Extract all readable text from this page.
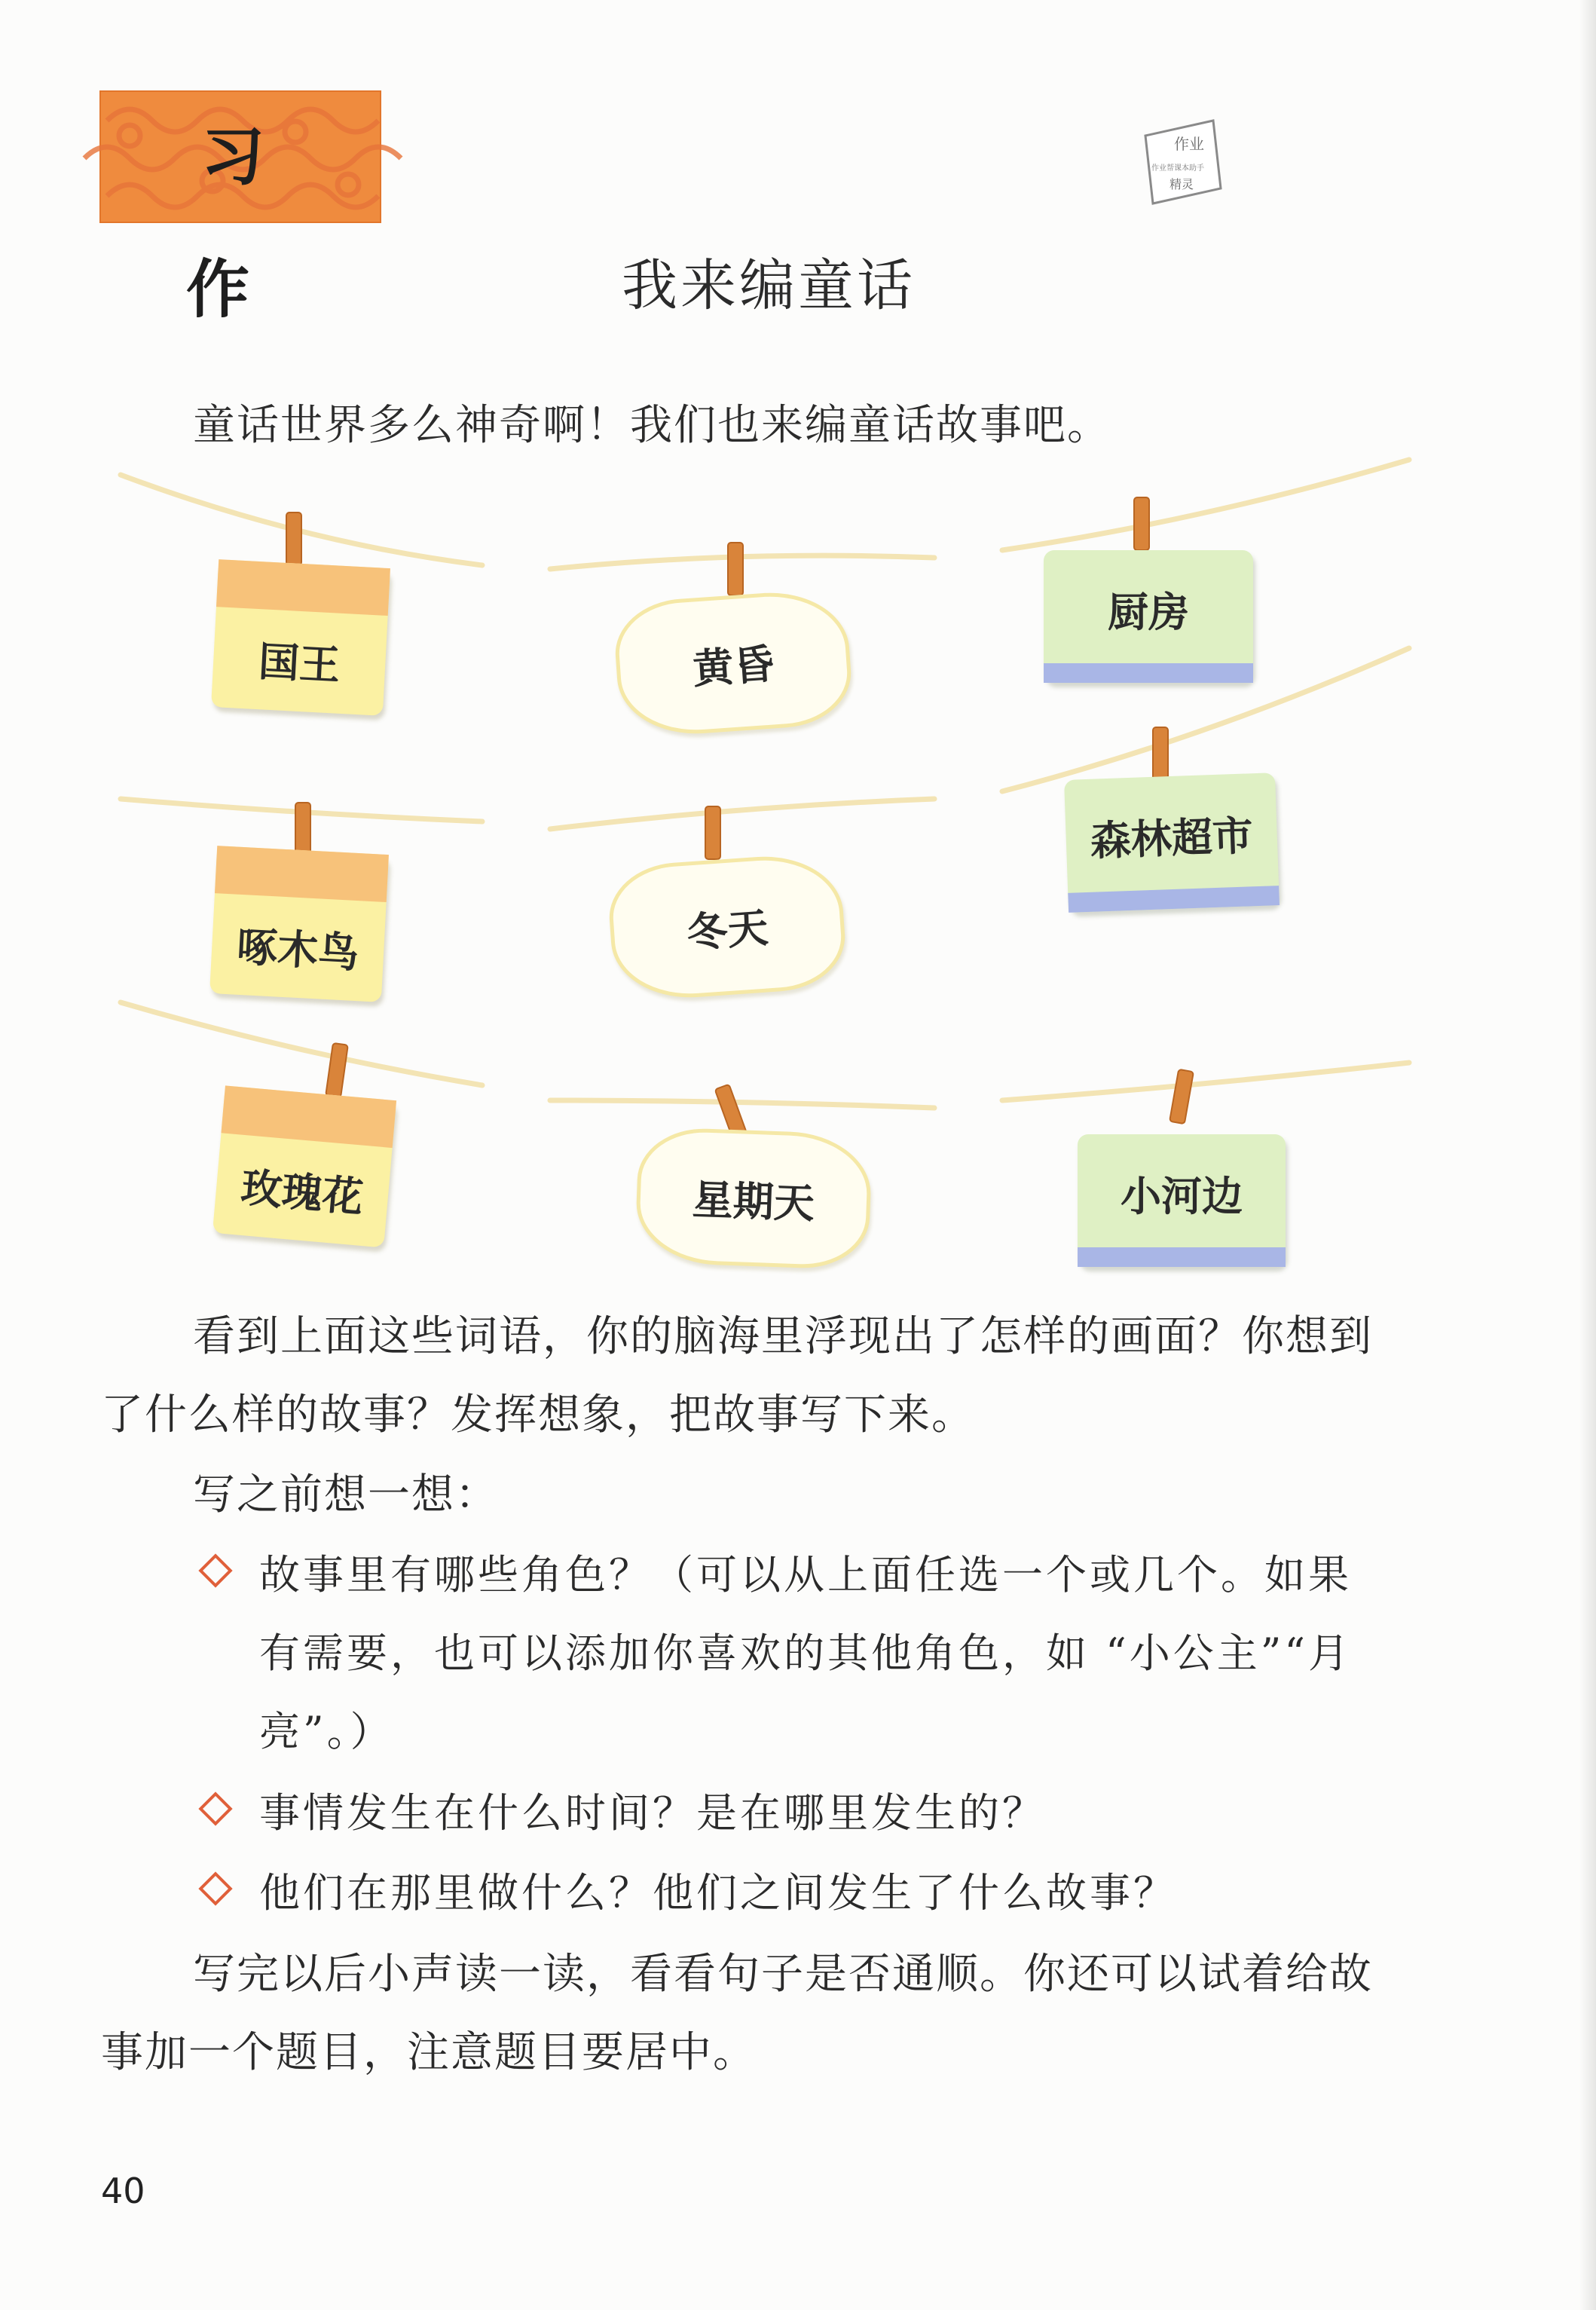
习 作
作业
作业帮课本助手
精灵
我来编童话
童话世界多么神奇啊！我们也来编童话故事吧。
国王	黄昏
厨房
啄木鸟	冬天
森林超市
玫瑰花	星期天	小河边
看到上面这些词语，你的脑海里浮现出了怎样的画面？你想到
了什么样的故事？发挥想象，把故事写下来。
写之前想一想：
故事里有哪些角色？（可以从上面任选一个或几个。如果
有需要，也可以添加你喜欢的其他角色，如 “小公主”“月
亮”。）
事情发生在什么时间？是在哪里发生的？
他们在那里做什么？他们之间发生了什么故事？
写完以后小声读一读，看看句子是否通顺。你还可以试着给故
事加一个题目，注意题目要居中。
40
